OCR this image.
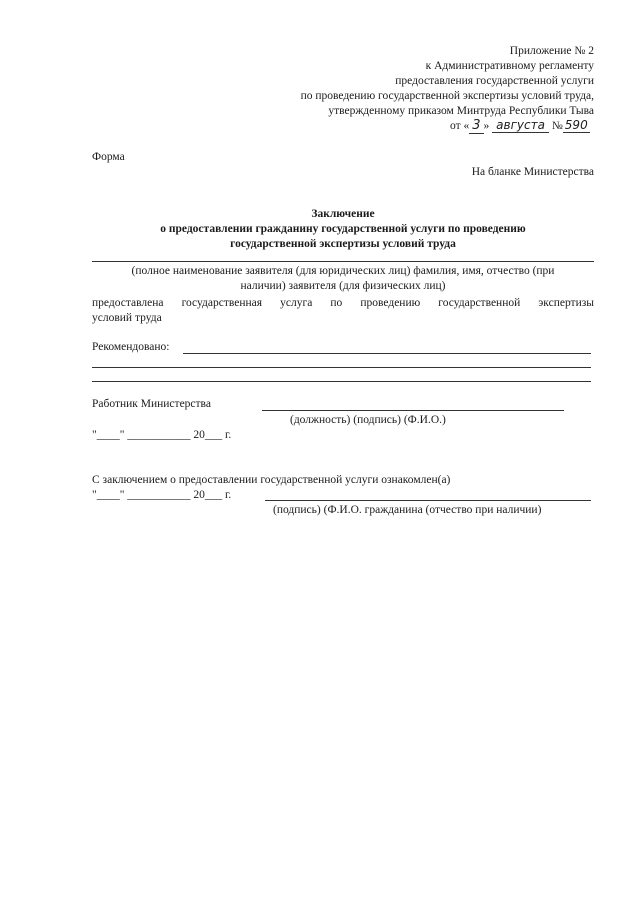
Приложение № 2
к Административному регламенту
предоставления государственной услуги
по проведению государственной экспертизы условий труда,
утвержденному приказом Минтруда Республики Тыва
от « 3 » августа № 590
Форма
На бланке Министерства
Заключение
о предоставлении гражданину государственной услуги по проведению
государственной экспертизы условий труда
(полное наименование заявителя (для юридических лиц) фамилия, имя, отчество (при
наличии) заявителя (для физических лиц)
предоставлена государственная услуга по проведению государственной экспертизы
условий труда
Рекомендовано:
Работник Министерства
(должность) (подпись) (Ф.И.О.)
"____" ___________ 20___ г.
С заключением о предоставлении государственной услуги ознакомлен(а)
"____" ___________ 20___ г.
(подпись) (Ф.И.О. гражданина (отчество при наличии)
